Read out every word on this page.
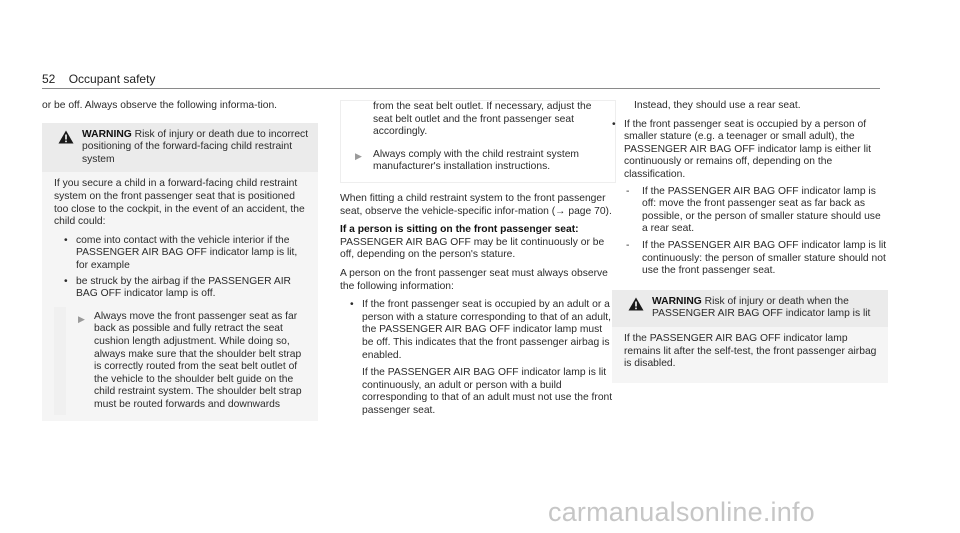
52 Occupant safety

or be off. Always observe the following informa-tion.

WARNING Risk of injury or death due to incorrect positioning of the forward-facing child restraint system

If you secure a child in a forward-facing child restraint system on the front passenger seat that is positioned too close to the cockpit, in the event of an accident, the child could:

• come into contact with the vehicle interior if the PASSENGER AIR BAG OFF indicator lamp is lit, for example
• be struck by the airbag if the PASSENGER AIR BAG OFF indicator lamp is off.
▶ Always move the front passenger seat as far back as possible and fully retract the seat cushion length adjustment. While doing so, always make sure that the shoulder belt strap is correctly routed from the seat belt outlet of the vehicle to the shoulder belt guide on the child restraint system. The shoulder belt strap must be routed forwards and downwards
from the seat belt outlet. If necessary, adjust the seat belt outlet and the front passenger seat accordingly.
▶ Always comply with the child restraint system manufacturer's installation instructions.

When fitting a child restraint system to the front passenger seat, observe the vehicle-specific infor-mation (→ page 70).

If a person is sitting on the front passenger seat:

PASSENGER AIR BAG OFF may be lit continuously or be off, depending on the person's stature.

A person on the front passenger seat must always observe the following information:

• If the front passenger seat is occupied by an adult or a person with a stature corresponding to that of an adult, the PASSENGER AIR BAG OFF indicator lamp must be off. This indicates that the front passenger airbag is enabled.
If the PASSENGER AIR BAG OFF indicator lamp is lit continuously, an adult or person with a build corresponding to that of an adult must not use the front passenger seat.

Instead, they should use a rear seat.

• If the front passenger seat is occupied by a person of smaller stature (e.g. a teenager or small adult), the PASSENGER AIR BAG OFF indicator lamp is either lit continuously or remains off, depending on the classification.
- If the PASSENGER AIR BAG OFF indicator lamp is off: move the front passenger seat as far back as possible, or the person of smaller stature should use a rear seat.
- If the PASSENGER AIR BAG OFF indicator lamp is lit continuously: the person of smaller stature should not use the front passenger seat.
WARNING Risk of injury or death when the PASSENGER AIR BAG OFF indicator lamp is lit

If the PASSENGER AIR BAG OFF indicator lamp remains lit after the self-test, the front passenger airbag is disabled.

carmanualsonline.info
